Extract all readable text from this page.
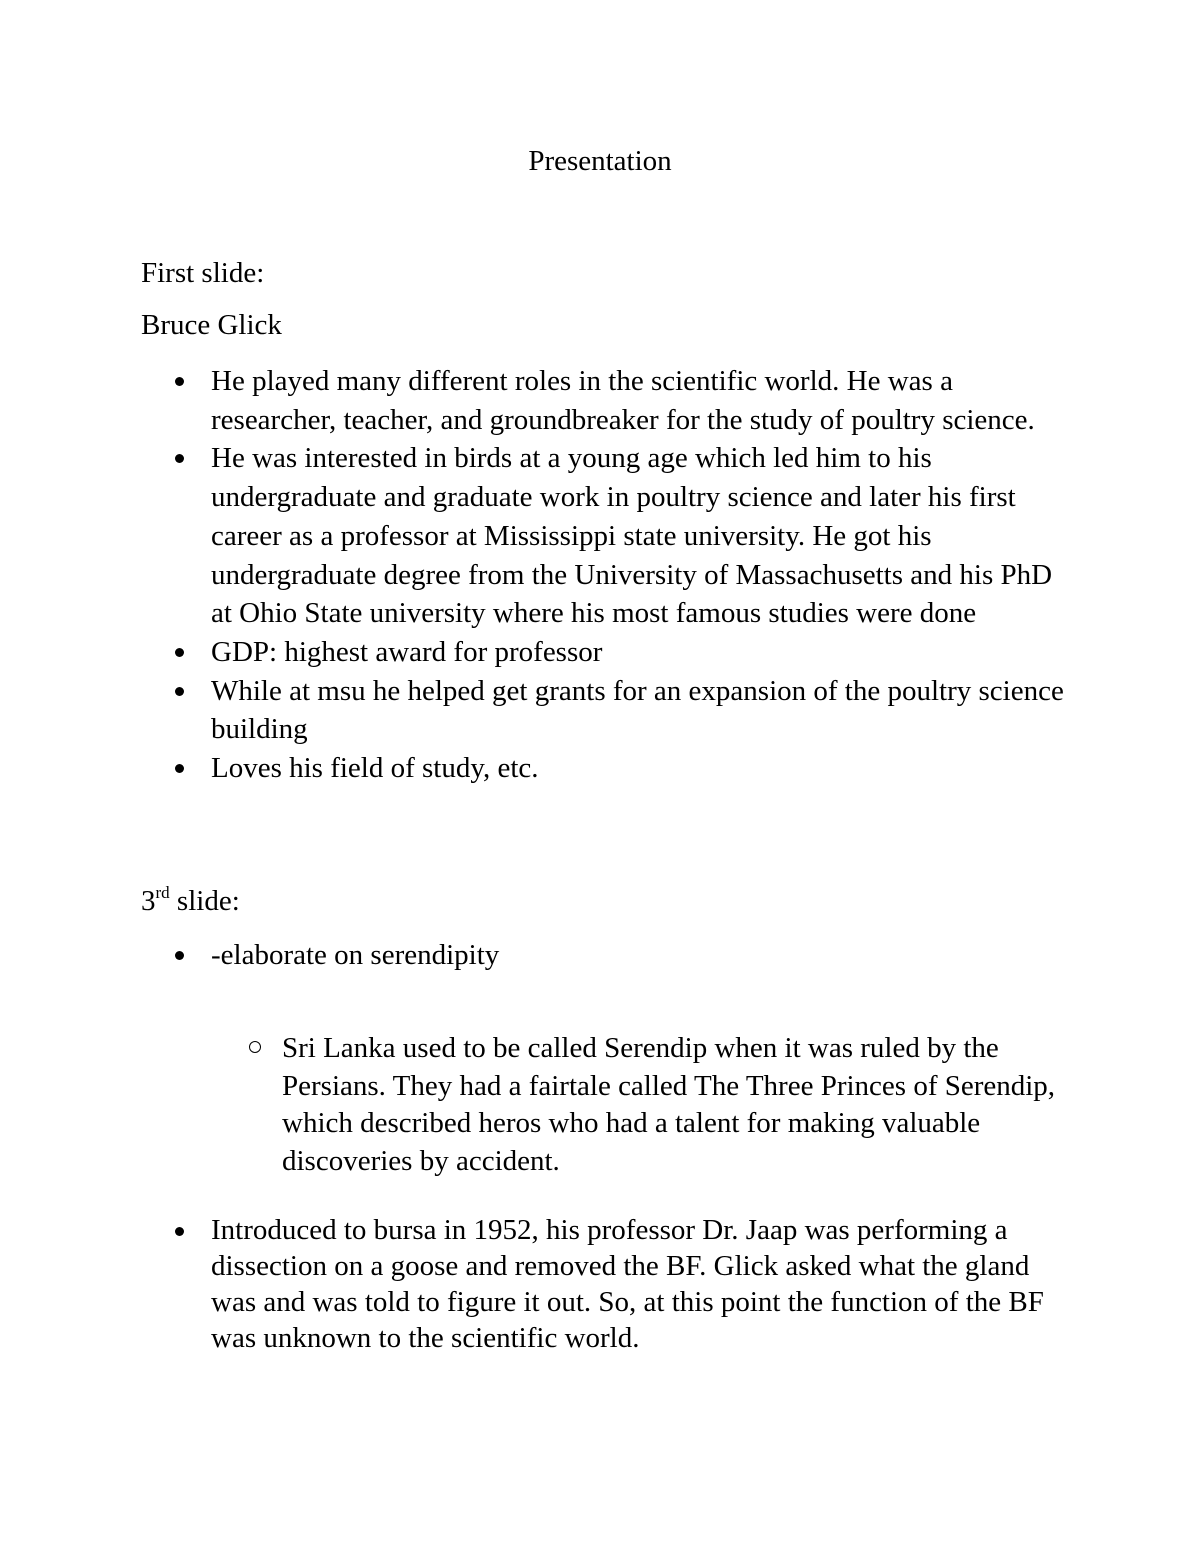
Presentation
First slide:
Bruce Glick
He played many different roles in the scientific world. He was a researcher, teacher, and groundbreaker for the study of poultry science.
He was interested in birds at a young age which led him to his undergraduate and graduate work in poultry science and later his first career as a professor at Mississippi state university. He got his undergraduate degree from the University of Massachusetts and his PhD at Ohio State university where his most famous studies were done
GDP: highest award for professor
While at msu he helped get grants for an expansion of the poultry science building
Loves his field of study, etc.
3rd slide:
-elaborate on serendipity
Sri Lanka used to be called Serendip when it was ruled by the Persians. They had a fairtale called The Three Princes of Serendip, which described heros who had a talent for making valuable discoveries by accident.
Introduced to bursa in 1952, his professor Dr. Jaap was performing a dissection on a goose and removed the BF. Glick asked what the gland was and was told to figure it out. So, at this point the function of the BF was unknown to the scientific world.
